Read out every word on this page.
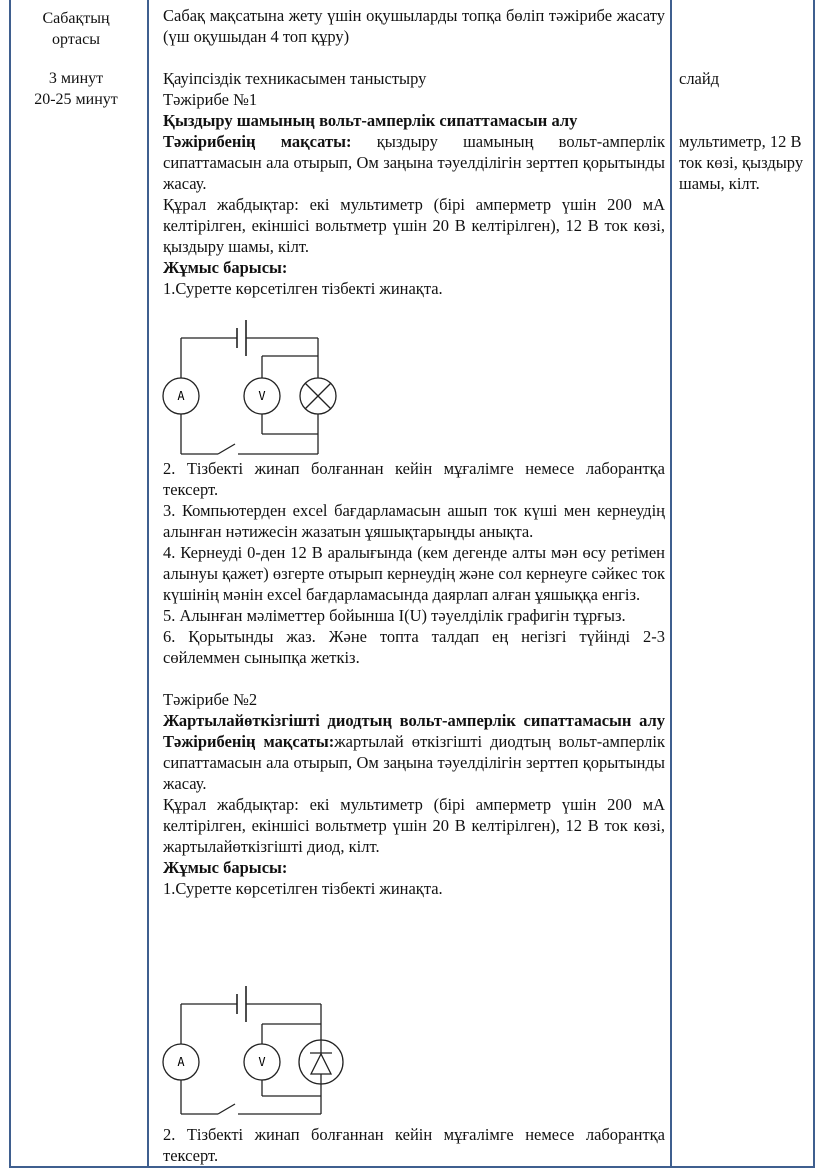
Сабақтың
ортасы
3 минут
20-25 минут
слайд
мультиметр, 12 В ток көзі, қыздыру шамы, кілт.
Сабақ мақсатына жету үшін оқушыларды топқа бөліп тәжірибе жасату (үш оқушыдан 4 топ құру)
Қауіпсіздік техникасымен таныстыру
Тәжірибе №1
Қыздыру шамының вольт-амперлік сипаттамасын алу
Тәжірибенің мақсаты: қыздыру шамының вольт-амперлік сипаттамасын ала отырып, Ом заңына тәуелділігін зерттеп қорытынды жасау.
Құрал жабдықтар: екі мультиметр (бірі амперметр үшін 200 мА келтірілген, екіншісі вольтметр үшін 20 В келтірілген), 12 В ток көзі, қыздыру шамы, кілт.
Жұмыс барысы:
1.Суретте көрсетілген тізбекті жинақта.
A	V
2. Тізбекті жинап болғаннан кейін мұғалімге немесе лаборантқа тексерт.
3. Компьютерден excel бағдарламасын ашып ток күші мен кернеудің алынған нәтижесін жазатын ұяшықтарыңды анықта.
4. Кернеуді 0-ден 12 В аралығында (кем дегенде алты мән өсу ретімен алынуы қажет) өзгерте отырып кернеудің және сол кернеуге сәйкес ток күшінің мәнін excel бағдарламасында даярлап алған ұяшыққа енгіз.
5. Алынған мәліметтер бойынша I(U) тәуелділік графигін тұрғыз.
6. Қорытынды жаз. Және топта талдап ең негізгі түйінді 2-3 сөйлеммен сыныпқа жеткіз.
Тәжірибе №2
Жартылайөткізгішті диодтың вольт-амперлік сипаттамасын алу
Тәжірибенің мақсаты:жартылай өткізгішті диодтың вольт-амперлік сипаттамасын ала отырып, Ом заңына тәуелділігін зерттеп қорытынды жасау.
Құрал жабдықтар: екі мультиметр (бірі амперметр үшін 200 мА келтірілген, екіншісі вольтметр үшін 20 В келтірілген), 12 В ток көзі, жартылайөткізгішті диод, кілт.
Жұмыс барысы:
1.Суретте көрсетілген тізбекті жинақта.
A	V
2. Тізбекті жинап болғаннан кейін мұғалімге немесе лаборантқа тексерт.
